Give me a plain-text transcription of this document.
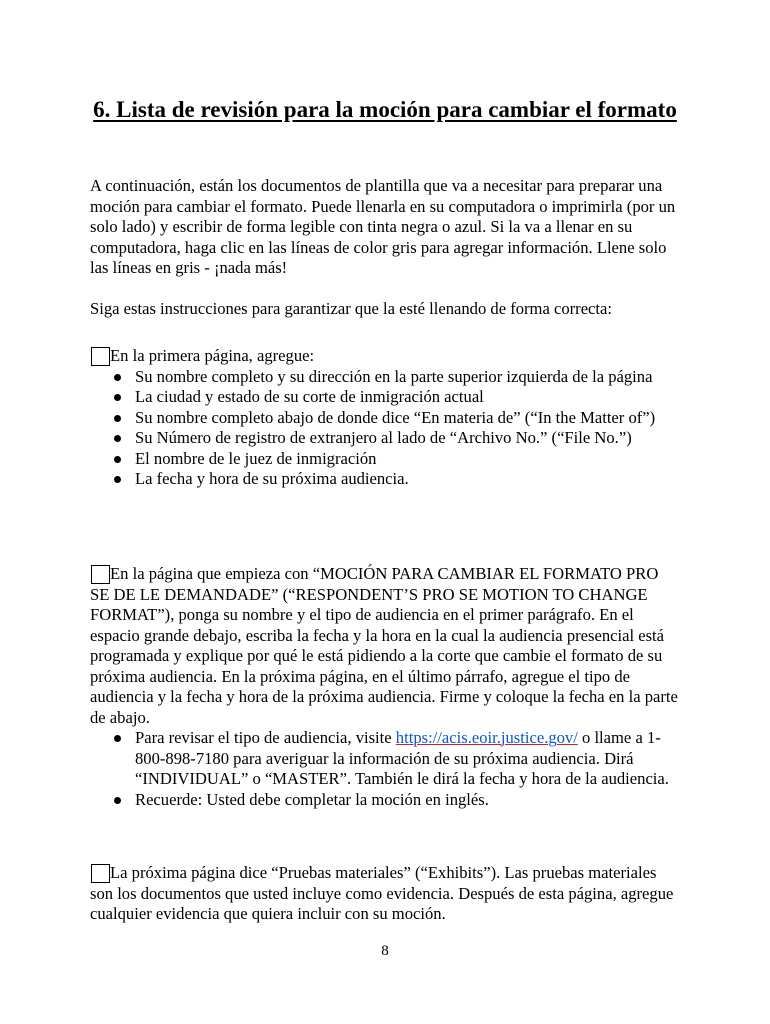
6. Lista de revisión para la moción para cambiar el formato

A continuación, están los documentos de plantilla que va a necesitar para preparar una moción para cambiar el formato. Puede llenarla en su computadora o imprimirla (por un solo lado) y escribir de forma legible con tinta negra o azul. Si la va a llenar en su computadora, haga clic en las líneas de color gris para agregar información. Llene solo las líneas en gris - ¡nada más!

Siga estas instrucciones para garantizar que la esté llenando de forma correcta:

En la primera página, agregue:

Su nombre completo y su dirección en la parte superior izquierda de la página
La ciudad y estado de su corte de inmigración actual
Su nombre completo abajo de donde dice “En materia de” (“In the Matter of”)
Su Número de registro de extranjero al lado de “Archivo No.” (“File No.”)
El nombre de le juez de inmigración
La fecha y hora de su próxima audiencia.

En la página que empieza con “MOCIÓN PARA CAMBIAR EL FORMATO PRO SE DE LE DEMANDADE” (“RESPONDENT’S PRO SE MOTION TO CHANGE FORMAT”), ponga su nombre y el tipo de audiencia en el primer parágrafo. En el espacio grande debajo, escriba la fecha y la hora en la cual la audiencia presencial está programada y explique por qué le está pidiendo a la corte que cambie el formato de su próxima audiencia. En la próxima página, en el último párrafo, agregue el tipo de audiencia y la fecha y hora de la próxima audiencia. Firme y coloque la fecha en la parte de abajo.

Para revisar el tipo de audiencia, visite https://acis.eoir.justice.gov/ o llame a 1-800-898-7180 para averiguar la información de su próxima audiencia. Dirá “INDIVIDUAL” o “MASTER”. También le dirá la fecha y hora de la audiencia.
Recuerde: Usted debe completar la moción en inglés.

La próxima página dice “Pruebas materiales” (“Exhibits”). Las pruebas materiales son los documentos que usted incluye como evidencia. Después de esta página, agregue cualquier evidencia que quiera incluir con su moción.

8
